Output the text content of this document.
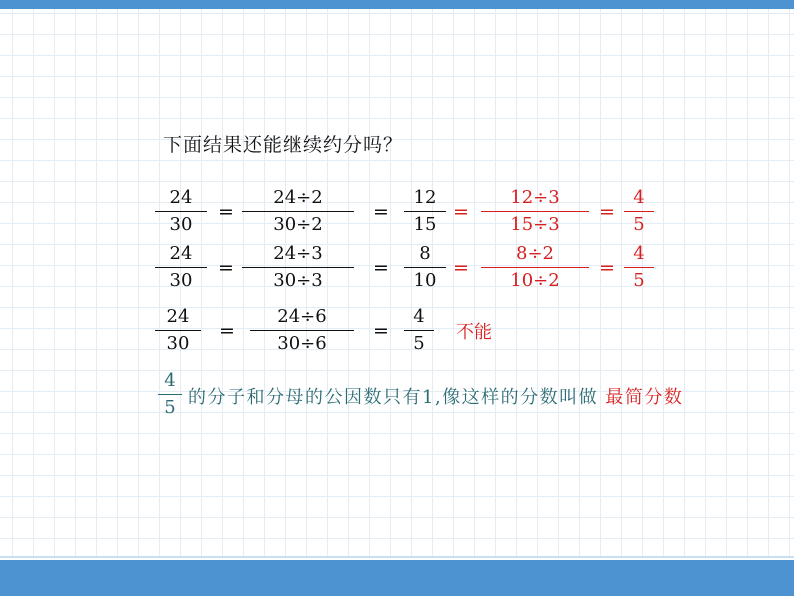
下面结果还能继续约分吗？
24
30
=
24÷2
30÷2
=
12
15
=
12÷3
15÷3
=
4
5
24
30
=
24÷3
30÷3
=
8
10
=
8÷2
10÷2
=
4
5
24
30
=
24÷6
30÷6
=
4
5
不能
4
5 的分子和分母的公因数只有1,像这样的分数叫做 最简分数
